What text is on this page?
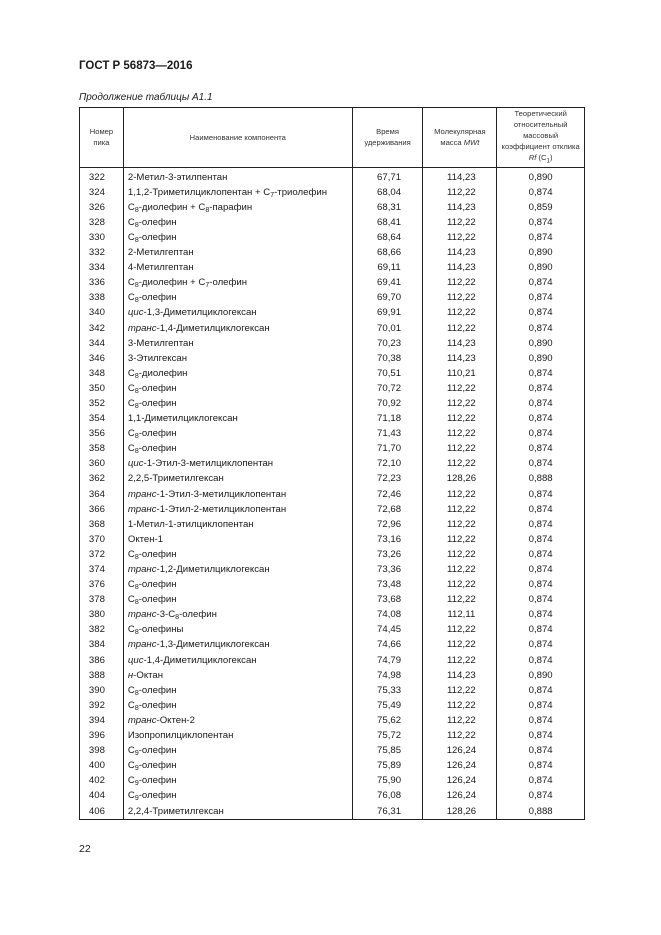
ГОСТ Р 56873—2016
Продолжение таблицы А1.1
Номер пика	Наименование компонента	Время удерживания	Молекулярная масса MWt	Теоретический относительный массовый коэффициент отклика Rf $(C_1)$
322	2-Метил-3-этилпентан	67,71	114,23	0,890
324	1,1,2-Триметилциклопентан + $C_7$-триолефин	68,04	112,22	0,874
326	$C_8$-диолефин + $C_8$-парафин	68,31	114,23	0,859
328	$C_8$-олефин	68,41	112,22	0,874
330	$C_8$-олефин	68,64	112,22	0,874
332	2-Метилгептан	68,66	114,23	0,890
334	4-Метилгептан	69,11	114,23	0,890
336	$C_8$-диолефин + $C_7$-олефин	69,41	112,22	0,874
338	$C_8$-олефин	69,70	112,22	0,874
340	цис-1,3-Диметилциклогексан	69,91	112,22	0,874
342	транс-1,4-Диметилциклогексан	70,01	112,22	0,874
344	3-Метилгептан	70,23	114,23	0,890
346	3-Этилгексан	70,38	114,23	0,890
348	$C_8$-диолефин	70,51	110,21	0,874
350	$C_8$-олефин	70,72	112,22	0,874
352	$C_8$-олефин	70,92	112,22	0,874
354	1,1-Диметилциклогексан	71,18	112,22	0,874
356	$C_8$-олефин	71,43	112,22	0,874
358	$C_8$-олефин	71,70	112,22	0,874
360	цис-1-Этил-3-метилциклопентан	72,10	112,22	0,874
362	2,2,5-Триметилгексан	72,23	128,26	0,888
364	транс-1-Этил-3-метилциклопентан	72,46	112,22	0,874
366	транс-1-Этил-2-метилциклопентан	72,68	112,22	0,874
368	1-Метил-1-этилциклопентан	72,96	112,22	0,874
370	Октен-1	73,16	112,22	0,874
372	$C_8$-олефин	73,26	112,22	0,874
374	транс-1,2-Диметилциклогексан	73,36	112,22	0,874
376	$C_8$-олефин	73,48	112,22	0,874
378	$C_8$-олефин	73,68	112,22	0,874
380	транс-$3-C_8$-олефин	74,08	112,11	0,874
382	$C_8$-олефины	74,45	112,22	0,874
384	транс-1,3-Диметилциклогексан	74,66	112,22	0,874
386	цис-1,4-Диметилциклогексан	74,79	112,22	0,874
388	н-Октан	74,98	114,23	0,890
390	$C_8$-олефин	75,33	112,22	0,874
392	$C_8$-олефин	75,49	112,22	0,874
394	транс-Октен-2	75,62	112,22	0,874
396	Изопропилциклопентан	75,72	112,22	0,874
398	$C_9$-олефин	75,85	126,24	0,874
400	$C_9$-олефин	75,89	126,24	0,874
402	$C_9$-олефин	75,90	126,24	0,874
404	$C_9$-олефин	76,08	126,24	0,874
406	2,2,4-Триметилгексан	76,31	128,26	0,888
22
